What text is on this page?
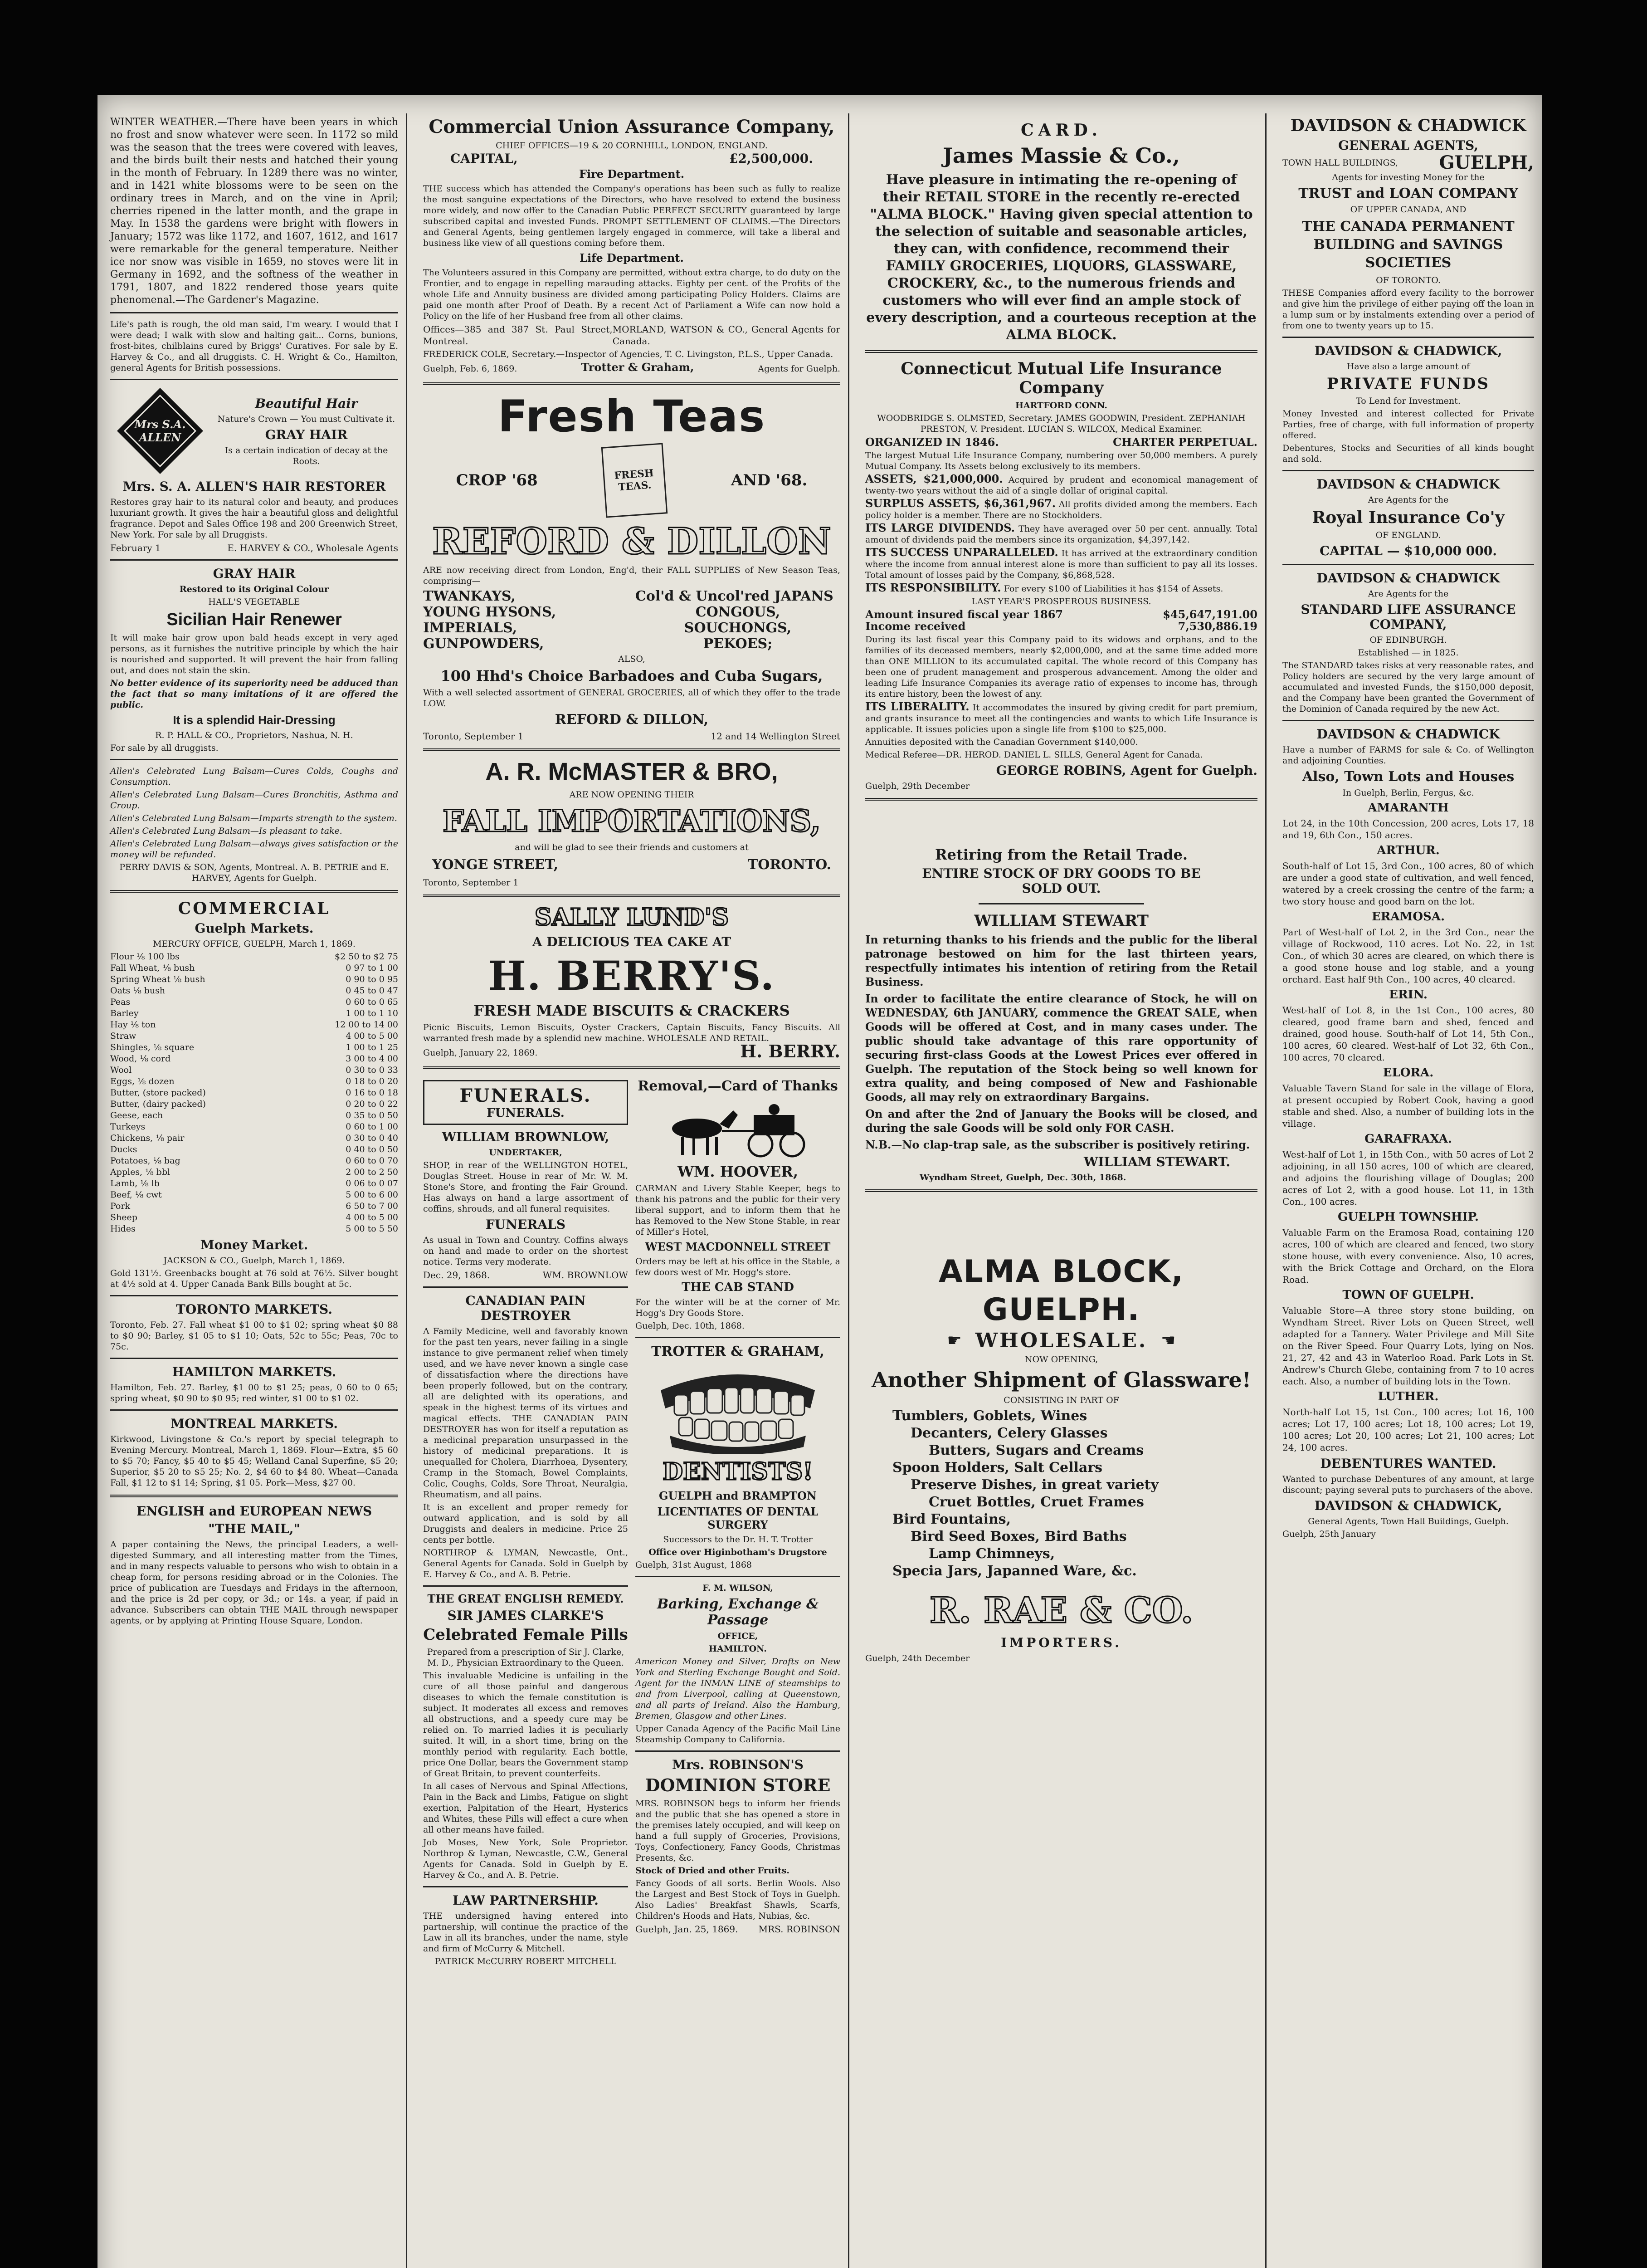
WINTER WEATHER.—There have been years in which no frost and snow whatever were seen. In 1172 so mild was the season that the trees were covered with leaves, and the birds built their nests and hatched their young in the month of February. In 1289 there was no winter, and in 1421 white blossoms were to be seen on the ordinary trees in March, and on the vine in April; cherries ripened in the latter month, and the grape in May. In 1538 the gardens were bright with flowers in January; 1572 was like 1172, and 1607, 1612, and 1617 were remarkable for the general temperature. Neither ice nor snow was visible in 1659, no stoves were lit in Germany in 1692, and the softness of the weather in 1791, 1807, and 1822 rendered those years quite phenomenal.—The Gardener's Magazine.
Life's path is rough, the old man said, I'm weary. I would that I were dead; I walk with slow and halting gait... Corns, bunions, frost-bites, chilblains cured by Briggs' Curatives. For sale by E. Harvey & Co., and all druggists. C. H. Wright & Co., Hamilton, general Agents for British possessions.
Mrs S.A. ALLEN
Beautiful Hair
Nature's Crown — You must Cultivate it.
GRAY HAIR
Is a certain indication of decay at the Roots.
Mrs. S. A. ALLEN'S HAIR RESTORER
Restores gray hair to its natural color and beauty, and produces luxuriant growth. It gives the hair a beautiful gloss and delightful fragrance. Depot and Sales Office 198 and 200 Greenwich Street, New York. For sale by all Druggists.
February 1	E. HARVEY & CO., Wholesale Agents
GRAY HAIR
Restored to its Original Colour
HALL'S VEGETABLE
Sicilian Hair Renewer
It will make hair grow upon bald heads except in very aged persons, as it furnishes the nutritive principle by which the hair is nourished and supported. It will prevent the hair from falling out, and does not stain the skin.
No better evidence of its superiority need be adduced than the fact that so many imitations of it are offered the public.
It is a splendid Hair-Dressing
R. P. HALL & CO., Proprietors, Nashua, N. H.
For sale by all druggists.
Allen's Celebrated Lung Balsam—Cures Colds, Coughs and Consumption.
Allen's Celebrated Lung Balsam—Cures Bronchitis, Asthma and Croup.
Allen's Celebrated Lung Balsam—Imparts strength to the system.
Allen's Celebrated Lung Balsam—Is pleasant to take.
Allen's Celebrated Lung Balsam—always gives satisfaction or the money will be refunded.
PERRY DAVIS & SON, Agents, Montreal. A. B. PETRIE and E. HARVEY, Agents for Guelph.
COMMERCIAL
Guelph Markets.
MERCURY OFFICE, GUELPH, March 1, 1869.
Flour ⅛ 100 lbs	$2 50 to $2 75
Fall Wheat, ⅛ bush	0 97 to 1 00
Spring Wheat ⅛ bush	0 90 to 0 95
Oats ⅛ bush	0 45 to 0 47
Peas	0 60 to 0 65
Barley	1 00 to 1 10
Hay ⅛ ton	12 00 to 14 00
Straw	4 00 to 5 00
Shingles, ⅛ square	1 00 to 1 25
Wood, ⅛ cord	3 00 to 4 00
Wool	0 30 to 0 33
Eggs, ⅛ dozen	0 18 to 0 20
Butter, (store packed)	0 16 to 0 18
Butter, (dairy packed)	0 20 to 0 22
Geese, each	0 35 to 0 50
Turkeys	0 60 to 1 00
Chickens, ⅛ pair	0 30 to 0 40
Ducks	0 40 to 0 50
Potatoes, ⅛ bag	0 60 to 0 70
Apples, ⅛ bbl	2 00 to 2 50
Lamb, ⅛ lb	0 06 to 0 07
Beef, ⅛ cwt	5 00 to 6 00
Pork	6 50 to 7 00
Sheep	4 00 to 5 00
Hides	5 00 to 5 50
Money Market.
JACKSON & CO., Guelph, March 1, 1869.
Gold 131½. Greenbacks bought at 76 sold at 76½. Silver bought at 4½ sold at 4. Upper Canada Bank Bills bought at 5c.
TORONTO MARKETS.
Toronto, Feb. 27. Fall wheat $1 00 to $1 02; spring wheat $0 88 to $0 90; Barley, $1 05 to $1 10; Oats, 52c to 55c; Peas, 70c to 75c.
HAMILTON MARKETS.
Hamilton, Feb. 27. Barley, $1 00 to $1 25; peas, 0 60 to 0 65; spring wheat, $0 90 to $0 95; red winter, $1 00 to $1 02.
MONTREAL MARKETS.
Kirkwood, Livingstone & Co.'s report by special telegraph to Evening Mercury. Montreal, March 1, 1869. Flour—Extra, $5 60 to $5 70; Fancy, $5 40 to $5 45; Welland Canal Superfine, $5 20; Superior, $5 20 to $5 25; No. 2, $4 60 to $4 80. Wheat—Canada Fall, $1 12 to $1 14; Spring, $1 05. Pork—Mess, $27 00.
ENGLISH and EUROPEAN NEWS
"THE MAIL,"
A paper containing the News, the principal Leaders, a well-digested Summary, and all interesting matter from the Times, and in many respects valuable to persons who wish to obtain in a cheap form, for persons residing abroad or in the Colonies. The price of publication are Tuesdays and Fridays in the afternoon, and the price is 2d per copy, or 3d.; or 14s. a year, if paid in advance. Subscribers can obtain THE MAIL through newspaper agents, or by applying at Printing House Square, London.
Commercial Union Assurance Company,
CHIEF OFFICES—19 & 20 CORNHILL, LONDON, ENGLAND.
CAPITAL,	£2,500,000.
Fire Department.
THE success which has attended the Company's operations has been such as fully to realize the most sanguine expectations of the Directors, who have resolved to extend the business more widely, and now offer to the Canadian Public PERFECT SECURITY guaranteed by large subscribed capital and invested Funds. PROMPT SETTLEMENT OF CLAIMS.—The Directors and General Agents, being gentlemen largely engaged in commerce, will take a liberal and business like view of all questions coming before them.
Life Department.
The Volunteers assured in this Company are permitted, without extra charge, to do duty on the Frontier, and to engage in repelling marauding attacks. Eighty per cent. of the Profits of the whole Life and Annuity business are divided among participating Policy Holders. Claims are paid one month after Proof of Death. By a recent Act of Parliament a Wife can now hold a Policy on the life of her Husband free from all other claims.
Offices—385 and 387 St. Paul Street, Montreal.
MORLAND, WATSON & CO., General Agents for Canada.
FREDERICK COLE, Secretary.—Inspector of Agencies, T. C. Livingston, P.L.S., Upper Canada.
Guelph, Feb. 6, 1869.	Trotter & Graham,	Agents for Guelph.
Fresh Teas
CROP '68	FRESH TEAS.	AND '68.
REFORD & DILLON
ARE now receiving direct from London, Eng'd, their FALL SUPPLIES of New Season Teas, comprising—
TWANKAYS,
YOUNG HYSONS,
IMPERIALS,
GUNPOWDERS,
Col'd & Uncol'red JAPANS
CONGOUS,
SOUCHONGS,
PEKOES;
ALSO,
100 Hhd's Choice Barbadoes and Cuba Sugars,
With a well selected assortment of GENERAL GROCERIES, all of which they offer to the trade LOW.
REFORD & DILLON,
Toronto, September 1	12 and 14 Wellington Street
A. R. McMASTER & BRO,
ARE NOW OPENING THEIR
FALL IMPORTATIONS,
and will be glad to see their friends and customers at
YONGE STREET,	TORONTO.
Toronto, September 1
SALLY LUND'S
A DELICIOUS TEA CAKE AT
H. BERRY'S.
FRESH MADE BISCUITS & CRACKERS
Picnic Biscuits, Lemon Biscuits, Oyster Crackers, Captain Biscuits, Fancy Biscuits. All warranted fresh made by a splendid new machine. WHOLESALE AND RETAIL.
Guelph, January 22, 1869.	H. BERRY.
FUNERALS.
FUNERALS.
WILLIAM BROWNLOW,
UNDERTAKER,
SHOP, in rear of the WELLINGTON HOTEL, Douglas Street. House in rear of Mr. W. M. Stone's Store, and fronting the Fair Ground. Has always on hand a large assortment of coffins, shrouds, and all funeral requisites.
FUNERALS
As usual in Town and Country. Coffins always on hand and made to order on the shortest notice. Terms very moderate.
Dec. 29, 1868.	WM. BROWNLOW
CANADIAN PAIN DESTROYER
A Family Medicine, well and favorably known for the past ten years, never failing in a single instance to give permanent relief when timely used, and we have never known a single case of dissatisfaction where the directions have been properly followed, but on the contrary, all are delighted with its operations, and speak in the highest terms of its virtues and magical effects. THE CANADIAN PAIN DESTROYER has won for itself a reputation as a medicinal preparation unsurpassed in the history of medicinal preparations. It is unequalled for Cholera, Diarrhoea, Dysentery, Cramp in the Stomach, Bowel Complaints, Colic, Coughs, Colds, Sore Throat, Neuralgia, Rheumatism, and all pains.
It is an excellent and proper remedy for outward application, and is sold by all Druggists and dealers in medicine. Price 25 cents per bottle.
NORTHROP & LYMAN, Newcastle, Ont., General Agents for Canada. Sold in Guelph by E. Harvey & Co., and A. B. Petrie.
THE GREAT ENGLISH REMEDY.
SIR JAMES CLARKE'S
Celebrated Female Pills
Prepared from a prescription of Sir J. Clarke, M. D., Physician Extraordinary to the Queen.
This invaluable Medicine is unfailing in the cure of all those painful and dangerous diseases to which the female constitution is subject. It moderates all excess and removes all obstructions, and a speedy cure may be relied on. To married ladies it is peculiarly suited. It will, in a short time, bring on the monthly period with regularity. Each bottle, price One Dollar, bears the Government stamp of Great Britain, to prevent counterfeits.
In all cases of Nervous and Spinal Affections, Pain in the Back and Limbs, Fatigue on slight exertion, Palpitation of the Heart, Hysterics and Whites, these Pills will effect a cure when all other means have failed.
Job Moses, New York, Sole Proprietor. Northrop & Lyman, Newcastle, C.W., General Agents for Canada. Sold in Guelph by E. Harvey & Co., and A. B. Petrie.
LAW PARTNERSHIP.
THE undersigned having entered into partnership, will continue the practice of the Law in all its branches, under the name, style and firm of McCurry & Mitchell.
PATRICK McCURRY ROBERT MITCHELL
Removal,—Card of Thanks
WM. HOOVER,
CARMAN and Livery Stable Keeper, begs to thank his patrons and the public for their very liberal support, and to inform them that he has Removed to the New Stone Stable, in rear of Miller's Hotel,
WEST MACDONNELL STREET
Orders may be left at his office in the Stable, a few doors west of Mr. Hogg's store.
THE CAB STAND
For the winter will be at the corner of Mr. Hogg's Dry Goods Store.
Guelph, Dec. 10th, 1868.
TROTTER & GRAHAM,
DENTISTS!
GUELPH and BRAMPTON
LICENTIATES OF DENTAL SURGERY
Successors to the Dr. H. T. Trotter
Office over Higinbotham's Drugstore
Guelph, 31st August, 1868
F. M. WILSON,
Barking, Exchange & Passage
OFFICE,
HAMILTON.
American Money and Silver, Drafts on New York and Sterling Exchange Bought and Sold. Agent for the INMAN LINE of steamships to and from Liverpool, calling at Queenstown, and all parts of Ireland. Also the Hamburg, Bremen, Glasgow and other Lines.
Upper Canada Agency of the Pacific Mail Line Steamship Company to California.
Mrs. ROBINSON'S
DOMINION STORE
MRS. ROBINSON begs to inform her friends and the public that she has opened a store in the premises lately occupied, and will keep on hand a full supply of Groceries, Provisions, Toys, Confectionery, Fancy Goods, Christmas Presents, &c.
Stock of Dried and other Fruits.
Fancy Goods of all sorts. Berlin Wools. Also the Largest and Best Stock of Toys in Guelph. Also Ladies' Breakfast Shawls, Scarfs, Children's Hoods and Hats, Nubias, &c.
Guelph, Jan. 25, 1869. MRS. ROBINSON
CARD.
James Massie & Co.,
Have pleasure in intimating the re-opening of their RETAIL STORE in the recently re-erected "ALMA BLOCK." Having given special attention to the selection of suitable and seasonable articles, they can, with confidence, recommend their FAMILY GROCERIES, LIQUORS, GLASSWARE, CROCKERY, &c., to the numerous friends and customers who will ever find an ample stock of every description, and a courteous reception at the ALMA BLOCK.
Connecticut Mutual Life Insurance Company
HARTFORD CONN.
WOODBRIDGE S. OLMSTED, Secretary. JAMES GOODWIN, President. ZEPHANIAH PRESTON, V. President. LUCIAN S. WILCOX, Medical Examiner.
ORGANIZED IN 1846.	CHARTER PERPETUAL.
The largest Mutual Life Insurance Company, numbering over 50,000 members. A purely Mutual Company. Its Assets belong exclusively to its members.
ASSETS, $21,000,000. Acquired by prudent and economical management of twenty-two years without the aid of a single dollar of original capital.
SURPLUS ASSETS, $6,361,967. All profits divided among the members. Each policy holder is a member. There are no Stockholders.
ITS LARGE DIVIDENDS. They have averaged over 50 per cent. annually. Total amount of dividends paid the members since its organization, $4,397,142.
ITS SUCCESS UNPARALLELED. It has arrived at the extraordinary condition where the income from annual interest alone is more than sufficient to pay all its losses. Total amount of losses paid by the Company, $6,868,528.
ITS RESPONSIBILITY. For every $100 of Liabilities it has $154 of Assets.
LAST YEAR'S PROSPEROUS BUSINESS.
Amount insured fiscal year 1867	$45,647,191.00
Income received	7,530,886.19
During its last fiscal year this Company paid to its widows and orphans, and to the families of its deceased members, nearly $2,000,000, and at the same time added more than ONE MILLION to its accumulated capital. The whole record of this Company has been one of prudent management and prosperous advancement. Among the older and leading Life Insurance Companies its average ratio of expenses to income has, through its entire history, been the lowest of any.
ITS LIBERALITY. It accommodates the insured by giving credit for part premium, and grants insurance to meet all the contingencies and wants to which Life Insurance is applicable. It issues policies upon a single life from $100 to $25,000.
Annuities deposited with the Canadian Government $140,000.
Medical Referee—DR. HEROD. DANIEL L. SILLS, General Agent for Canada.
GEORGE ROBINS, Agent for Guelph.
Guelph, 29th December
Retiring from the Retail Trade.
ENTIRE STOCK OF DRY GOODS TO BE SOLD OUT.
WILLIAM STEWART
In returning thanks to his friends and the public for the liberal patronage bestowed on him for the last thirteen years, respectfully intimates his intention of retiring from the Retail Business.
In order to facilitate the entire clearance of Stock, he will on WEDNESDAY, 6th JANUARY, commence the GREAT SALE, when Goods will be offered at Cost, and in many cases under. The public should take advantage of this rare opportunity of securing first-class Goods at the Lowest Prices ever offered in Guelph. The reputation of the Stock being so well known for extra quality, and being composed of New and Fashionable Goods, all may rely on extraordinary Bargains.
On and after the 2nd of January the Books will be closed, and during the sale Goods will be sold only FOR CASH.
N.B.—No clap-trap sale, as the subscriber is positively retiring.
WILLIAM STEWART.
Wyndham Street, Guelph, Dec. 30th, 1868.
ALMA BLOCK, GUELPH.
☛ WHOLESALE. ☛
NOW OPENING,
Another Shipment of Glassware!
CONSISTING IN PART OF
Tumblers, Goblets, Wines
Decanters, Celery Glasses
Butters, Sugars and Creams
Spoon Holders, Salt Cellars
Preserve Dishes, in great variety
Cruet Bottles, Cruet Frames
Bird Fountains,
Bird Seed Boxes, Bird Baths
Lamp Chimneys,
Specia Jars, Japanned Ware, &c.
R. RAE & CO.
IMPORTERS.
Guelph, 24th December
DAVIDSON & CHADWICK
GENERAL AGENTS,
TOWN HALL BUILDINGS, GUELPH,
Agents for investing Money for the
TRUST and LOAN COMPANY
OF UPPER CANADA, AND
THE CANADA PERMANENT BUILDING and SAVINGS SOCIETIES
OF TORONTO.
THESE Companies afford every facility to the borrower and give him the privilege of either paying off the loan in a lump sum or by instalments extending over a period of from one to twenty years up to 15.
DAVIDSON & CHADWICK,
Have also a large amount of
PRIVATE FUNDS
To Lend for Investment.
Money Invested and interest collected for Private Parties, free of charge, with full information of property offered.
Debentures, Stocks and Securities of all kinds bought and sold.
DAVIDSON & CHADWICK
Are Agents for the
Royal Insurance Co'y
OF ENGLAND.
CAPITAL — $10,000 000.
DAVIDSON & CHADWICK
Are Agents for the
STANDARD LIFE ASSURANCE COMPANY,
OF EDINBURGH.
Established — in 1825.
The STANDARD takes risks at very reasonable rates, and Policy holders are secured by the very large amount of accumulated and invested Funds, the $150,000 deposit, and the Company have been granted the Government of the Dominion of Canada required by the new Act.
DAVIDSON & CHADWICK
Have a number of FARMS for sale & Co. of Wellington and adjoining Counties.
Also, Town Lots and Houses
In Guelph, Berlin, Fergus, &c.
AMARANTH
Lot 24, in the 10th Concession, 200 acres, Lots 17, 18 and 19, 6th Con., 150 acres.
ARTHUR.
South-half of Lot 15, 3rd Con., 100 acres, 80 of which are under a good state of cultivation, and well fenced, watered by a creek crossing the centre of the farm; a two story house and good barn on the lot.
ERAMOSA.
Part of West-half of Lot 2, in the 3rd Con., near the village of Rockwood, 110 acres. Lot No. 22, in 1st Con., of which 30 acres are cleared, on which there is a good stone house and log stable, and a young orchard. East half 9th Con., 100 acres, 40 cleared.
ERIN.
West-half of Lot 8, in the 1st Con., 100 acres, 80 cleared, good frame barn and shed, fenced and drained, good house. South-half of Lot 14, 5th Con., 100 acres, 60 cleared. West-half of Lot 32, 6th Con., 100 acres, 70 cleared.
ELORA.
Valuable Tavern Stand for sale in the village of Elora, at present occupied by Robert Cook, having a good stable and shed. Also, a number of building lots in the village.
GARAFRAXA.
West-half of Lot 1, in 15th Con., with 50 acres of Lot 2 adjoining, in all 150 acres, 100 of which are cleared, and adjoins the flourishing village of Douglas; 200 acres of Lot 2, with a good house. Lot 11, in 13th Con., 100 acres.
GUELPH TOWNSHIP.
Valuable Farm on the Eramosa Road, containing 120 acres, 100 of which are cleared and fenced, two story stone house, with every convenience. Also, 10 acres, with the Brick Cottage and Orchard, on the Elora Road.
TOWN OF GUELPH.
Valuable Store—A three story stone building, on Wyndham Street. River Lots on Queen Street, well adapted for a Tannery. Water Privilege and Mill Site on the River Speed. Four Quarry Lots, lying on Nos. 21, 27, 42 and 43 in Waterloo Road. Park Lots in St. Andrew's Church Glebe, containing from 7 to 10 acres each. Also, a number of building lots in the Town.
LUTHER.
North-half Lot 15, 1st Con., 100 acres; Lot 16, 100 acres; Lot 17, 100 acres; Lot 18, 100 acres; Lot 19, 100 acres; Lot 20, 100 acres; Lot 21, 100 acres; Lot 24, 100 acres.
DEBENTURES WANTED.
Wanted to purchase Debentures of any amount, at large discount; paying several puts to purchasers of the above.
DAVIDSON & CHADWICK,
General Agents, Town Hall Buildings, Guelph.
Guelph, 25th January
